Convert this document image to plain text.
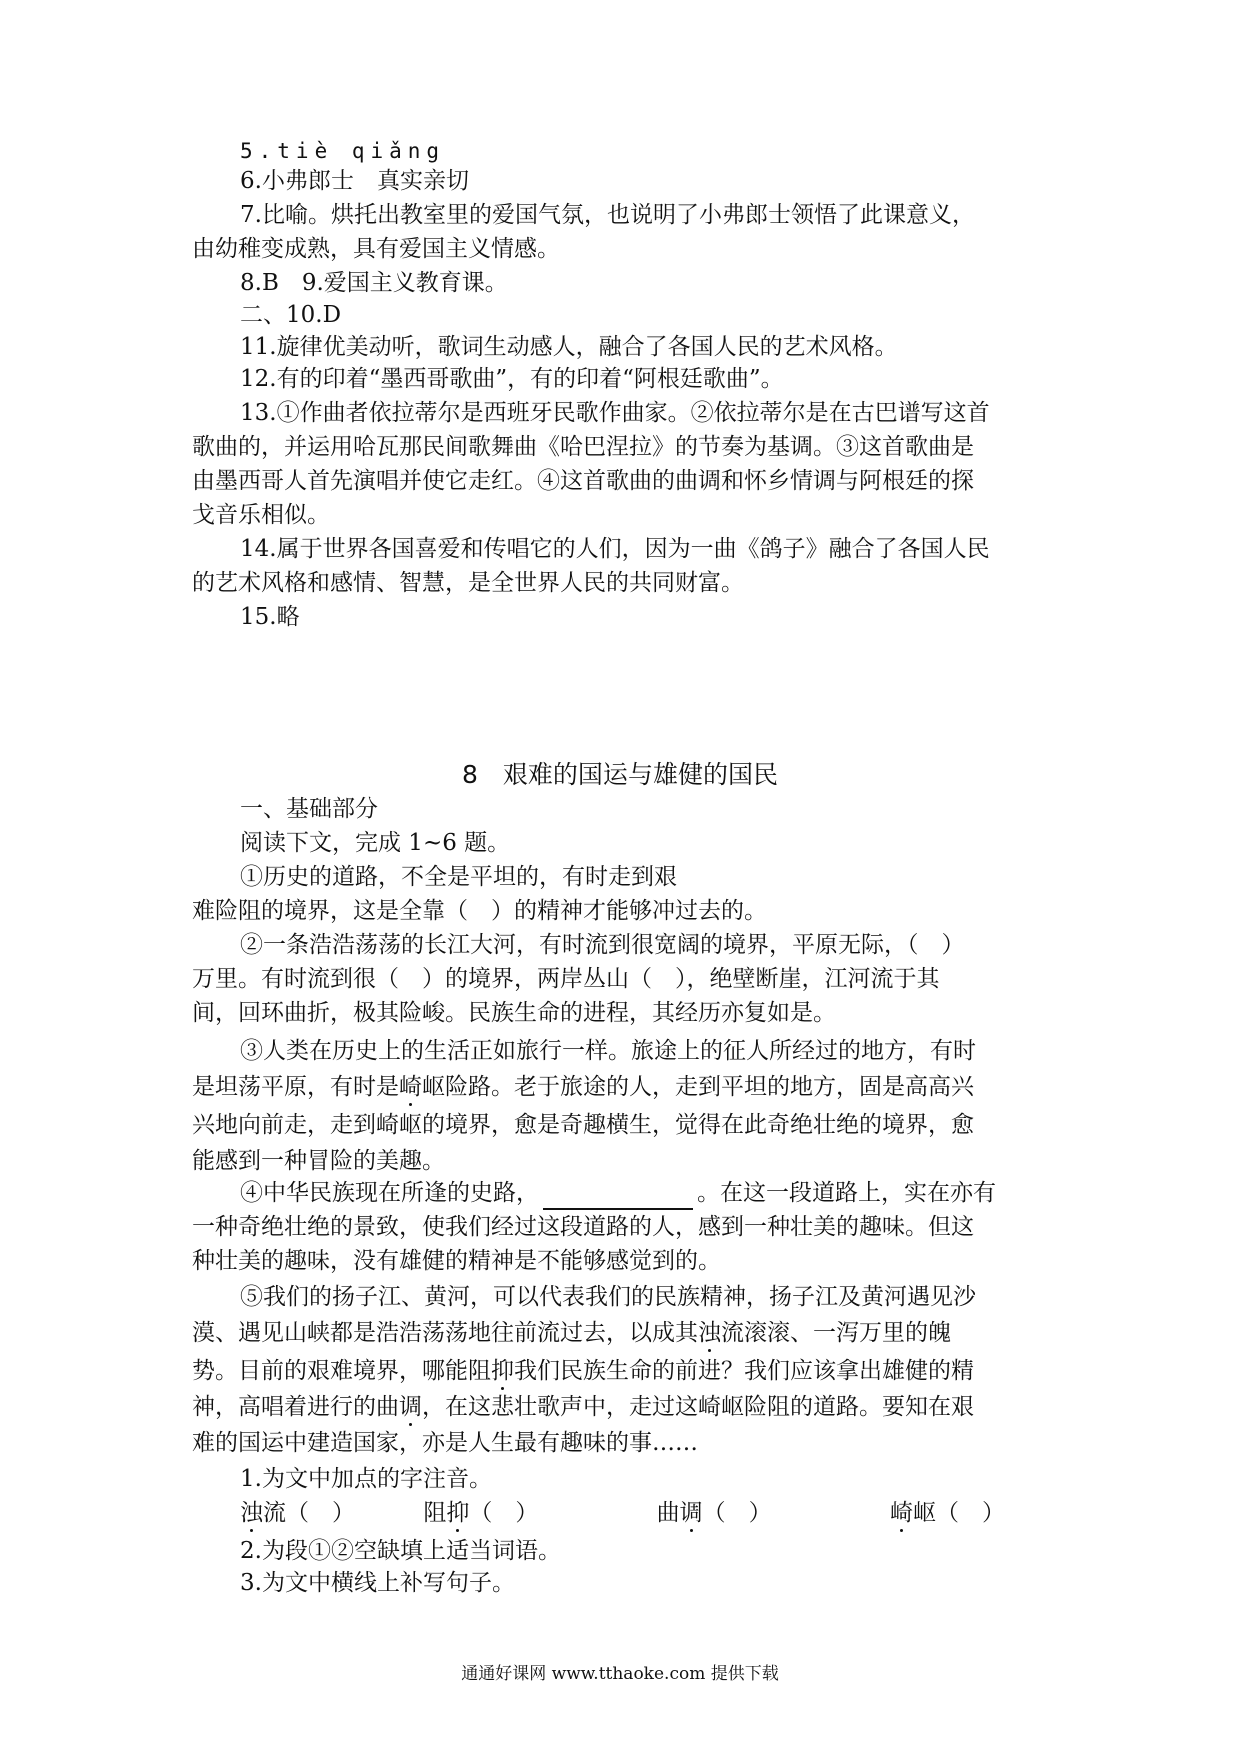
5.tiè qiǎng
6.小弗郎士　真实亲切
7.比喻。烘托出教室里的爱国气氛，也说明了小弗郎士领悟了此课意义，
由幼稚变成熟，具有爱国主义情感。
8.B　9.爱国主义教育课。
二、10.D
11.旋律优美动听，歌词生动感人，融合了各国人民的艺术风格。
12.有的印着“墨西哥歌曲”，有的印着“阿根廷歌曲”。
13.①作曲者依拉蒂尔是西班牙民歌作曲家。②依拉蒂尔是在古巴谱写这首
歌曲的，并运用哈瓦那民间歌舞曲《哈巴涅拉》的节奏为基调。③这首歌曲是
由墨西哥人首先演唱并使它走红。④这首歌曲的曲调和怀乡情调与阿根廷的探
戈音乐相似。
14.属于世界各国喜爱和传唱它的人们，因为一曲《鸽子》融合了各国人民
的艺术风格和感情、智慧，是全世界人民的共同财富。
15.略
8　艰难的国运与雄健的国民
一、基础部分
阅读下文，完成 1~6 题。
①历史的道路，不全是平坦的，有时走到艰
难险阻的境界，这是全靠（　）的精神才能够冲过去的。
②一条浩浩荡荡的长江大河，有时流到很宽阔的境界，平原无际，（　）
万里。有时流到很（　）的境界，两岸丛山（　），绝壁断崖，江河流于其
间，回环曲折，极其险峻。民族生命的进程，其经历亦复如是。
③人类在历史上的生活正如旅行一样。旅途上的征人所经过的地方，有时
是坦荡平原，有时是崎岖险路。老于旅途的人，走到平坦的地方，固是高高兴
兴地向前走，走到崎岖的境界，愈是奇趣横生，觉得在此奇绝壮绝的境界，愈
能感到一种冒险的美趣。
④中华民族现在所逢的史路，	。在这一段道路上，实在亦有
一种奇绝壮绝的景致，使我们经过这段道路的人，感到一种壮美的趣味。但这
种壮美的趣味，没有雄健的精神是不能够感觉到的。
⑤我们的扬子江、黄河，可以代表我们的民族精神，扬子江及黄河遇见沙
漠、遇见山峡都是浩浩荡荡地往前流过去，以成其浊流滚滚、一泻万里的魄
势。目前的艰难境界，哪能阻抑我们民族生命的前进？我们应该拿出雄健的精
神，高唱着进行的曲调，在这悲壮歌声中，走过这崎岖险阻的道路。要知在艰
难的国运中建造国家，亦是人生最有趣味的事……
1.为文中加点的字注音。
浊流（　）	阻抑（　）	曲调（　）	崎岖（　）
2.为段①②空缺填上适当词语。
3.为文中横线上补写句子。
通通好课网 www.tthaoke.com 提供下载
